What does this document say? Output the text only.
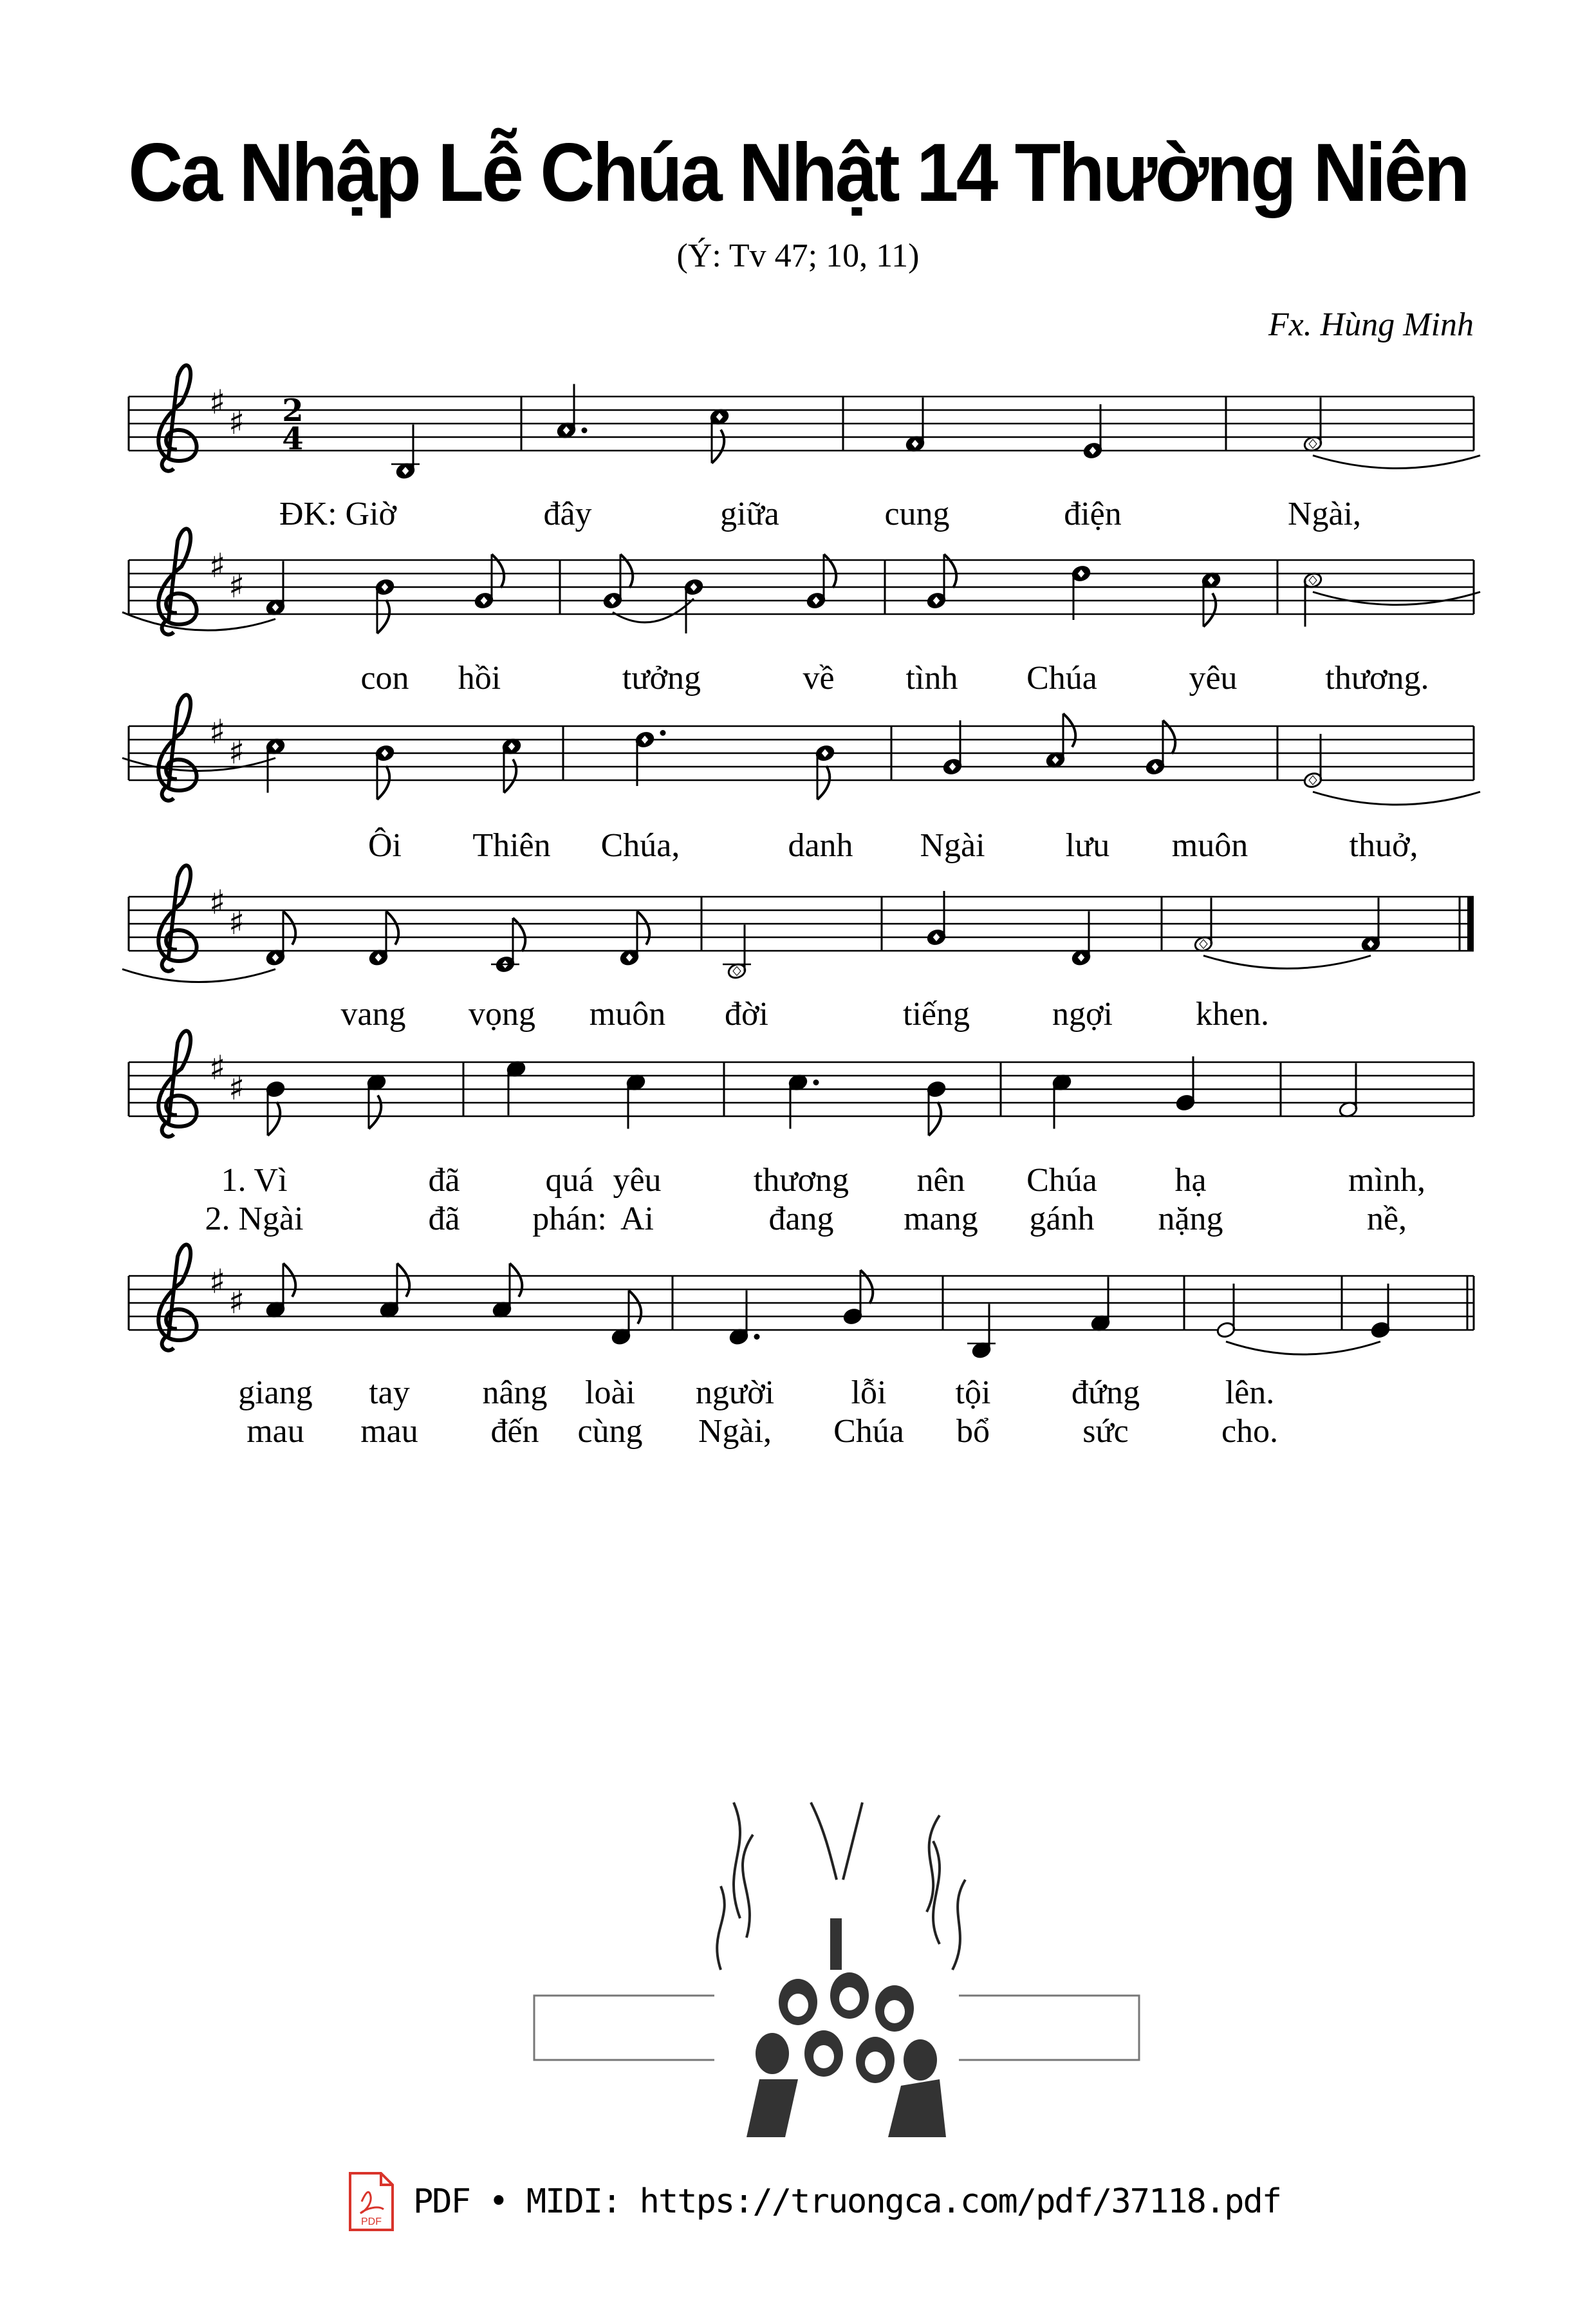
Ca Nhập Lễ Chúa Nhật 14 Thường Niên
(Ý: Tv 47; 10, 11)
Fx. Hùng Minh
♯
♯ 2
4
ĐK: Giờ	đây	giữa	cung	điện	Ngài,
♯
♯
con hồi	tưởng	về tình Chúa	yêu	thương.
♯
♯
Ôi Thiên Chúa,	danh Ngài lưu muôn	thuở,
♯
♯
vang vọng muôn đời	tiếng ngợi khen.
♯
♯
1. Vì	đã	quá yêu	thương nên Chúa hạ	mình,
2. Ngài	đã phán: Ai	đang mang gánh nặng	nề,
♯
♯
giang tay nâng loài người lỗi tội đứng	lên.
mau mau đến cùng Ngài, Chúa bổ	sức	cho.
PDF
PDF • MIDI: https://truongca.com/pdf/37118.pdf
